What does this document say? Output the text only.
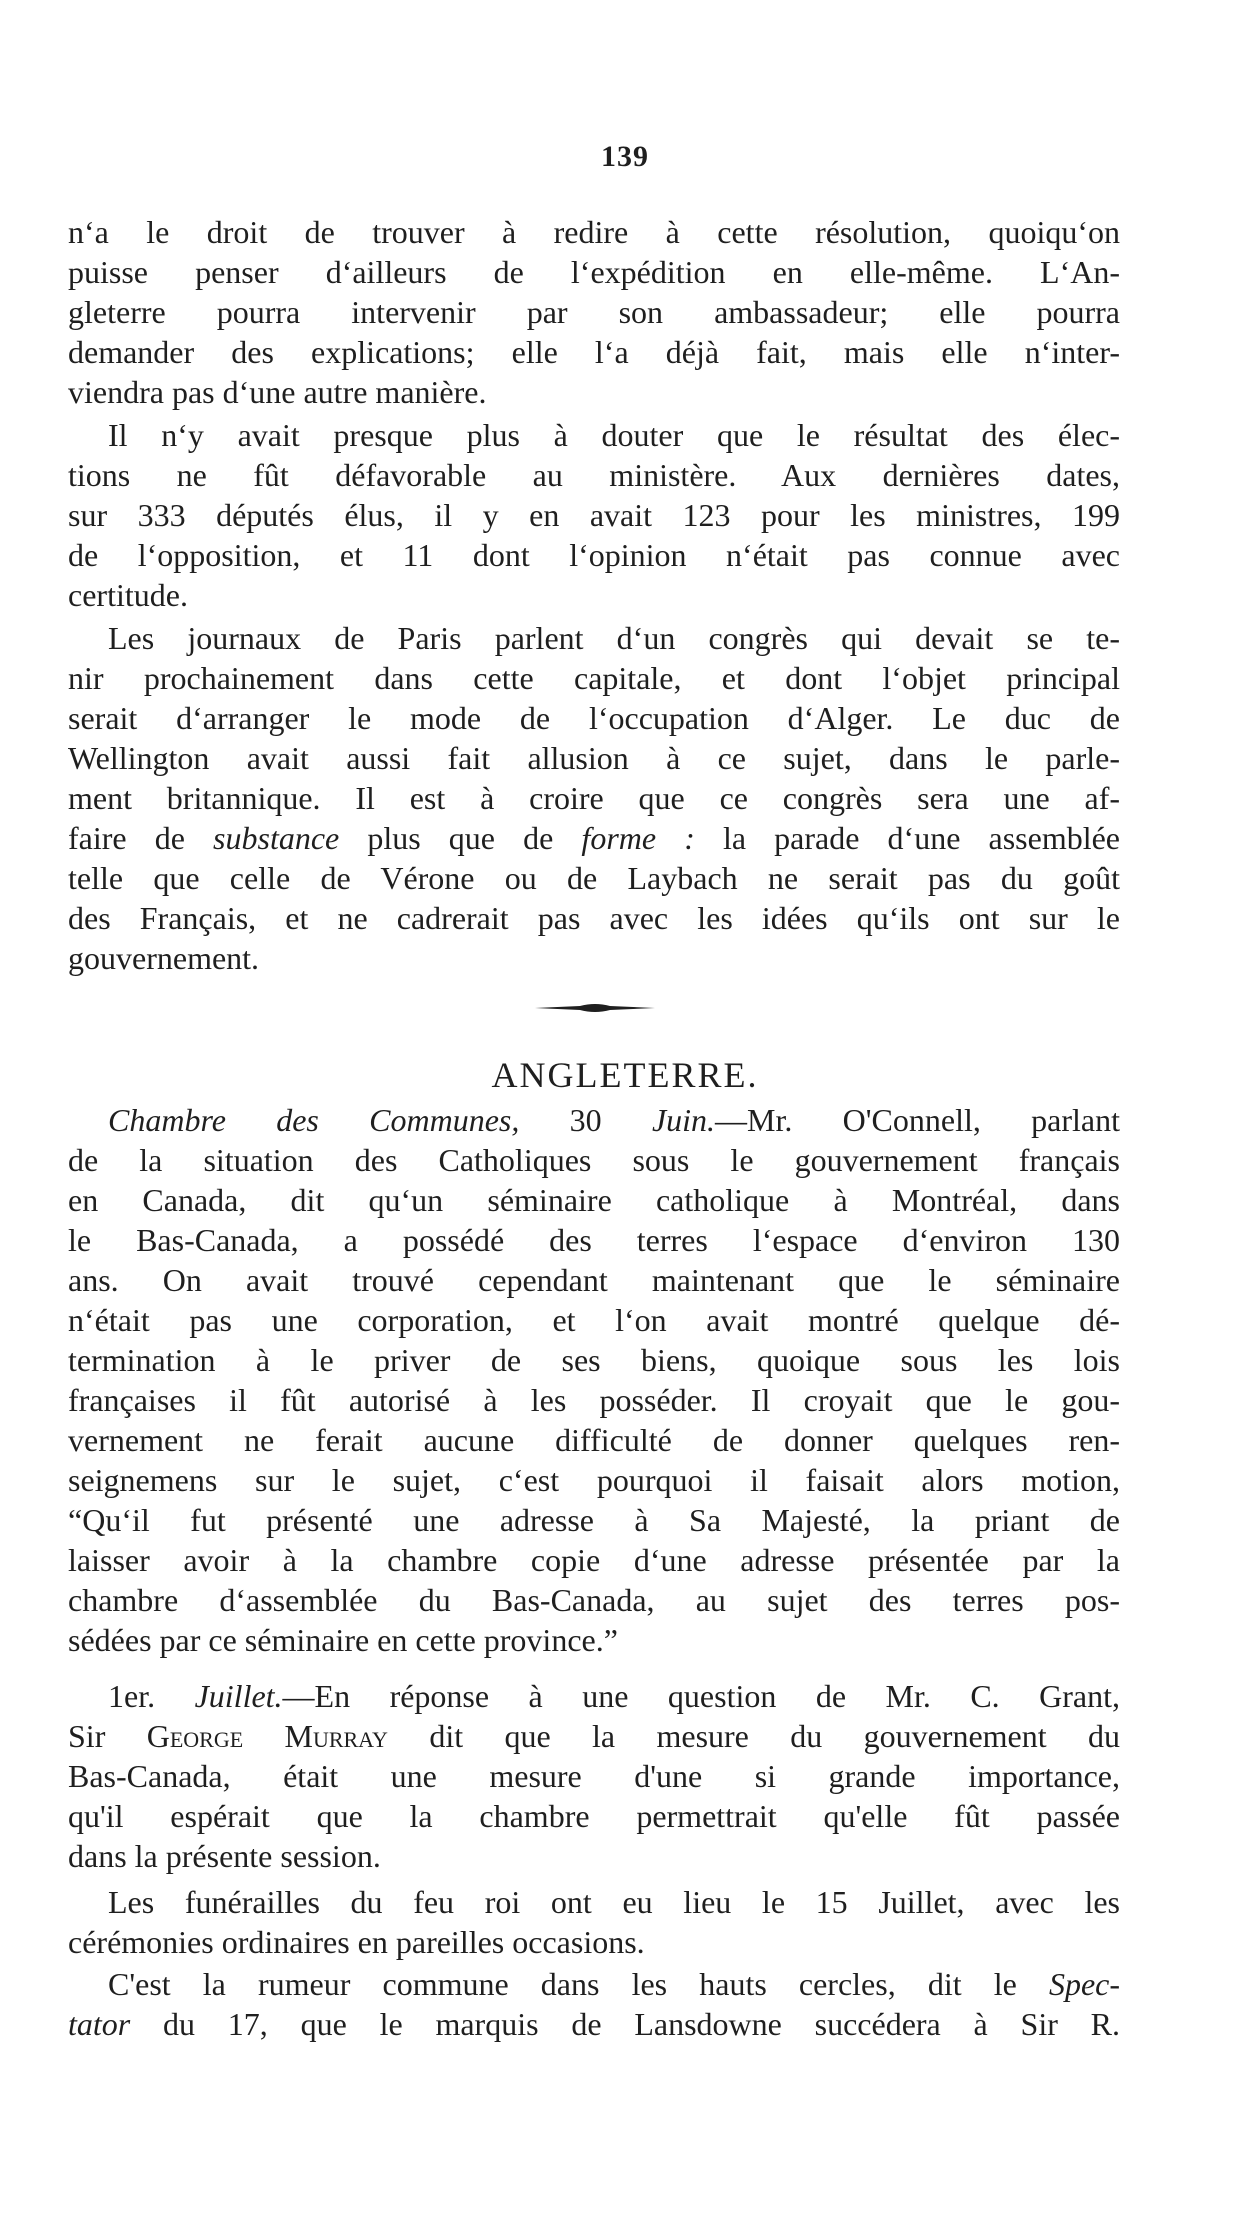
139
n‘a le droit de trouver à redire à cette résolution, quoiqu‘on
puisse penser d‘ailleurs de l‘expédition en elle-même. L‘An-
gleterre pourra intervenir par son ambassadeur; elle pourra
demander des explications; elle l‘a déjà fait, mais elle n‘inter-
viendra pas d‘une autre manière.
Il n‘y avait presque plus à douter que le résultat des élec-
tions ne fût défavorable au ministère. Aux dernières dates,
sur 333 députés élus, il y en avait 123 pour les ministres, 199
de l‘opposition, et 11 dont l‘opinion n‘était pas connue avec
certitude.
Les journaux de Paris parlent d‘un congrès qui devait se te-
nir prochainement dans cette capitale, et dont l‘objet principal
serait d‘arranger le mode de l‘occupation d‘Alger. Le duc de
Wellington avait aussi fait allusion à ce sujet, dans le parle-
ment britannique. Il est à croire que ce congrès sera une af-
faire de substance plus que de forme : la parade d‘une assemblée
telle que celle de Vérone ou de Laybach ne serait pas du goût
des Français, et ne cadrerait pas avec les idées qu‘ils ont sur le
gouvernement.
Chambre des Communes, 30 Juin.—Mr. O'Connell, parlant
de la situation des Catholiques sous le gouvernement français
en Canada, dit qu‘un séminaire catholique à Montréal, dans
le Bas-Canada, a possédé des terres l‘espace d‘environ 130
ans. On avait trouvé cependant maintenant que le séminaire
n‘était pas une corporation, et l‘on avait montré quelque dé-
termination à le priver de ses biens, quoique sous les lois
françaises il fût autorisé à les posséder. Il croyait que le gou-
vernement ne ferait aucune difficulté de donner quelques ren-
seignemens sur le sujet, c‘est pourquoi il faisait alors motion,
“Qu‘il fut présenté une adresse à Sa Majesté, la priant de
laisser avoir à la chambre copie d‘une adresse présentée par la
chambre d‘assemblée du Bas-Canada, au sujet des terres pos-
sédées par ce séminaire en cette province.”
1er. Juillet.—En réponse à une question de Mr. C. Grant,
Sir George Murray dit que la mesure du gouvernement du
Bas-Canada, était une mesure d'une si grande importance,
qu'il espérait que la chambre permettrait qu'elle fût passée
dans la présente session.
Les funérailles du feu roi ont eu lieu le 15 Juillet, avec les
cérémonies ordinaires en pareilles occasions.
C'est la rumeur commune dans les hauts cercles, dit le Spec-
tator du 17, que le marquis de Lansdowne succédera à Sir R.
ANGLETERRE.
